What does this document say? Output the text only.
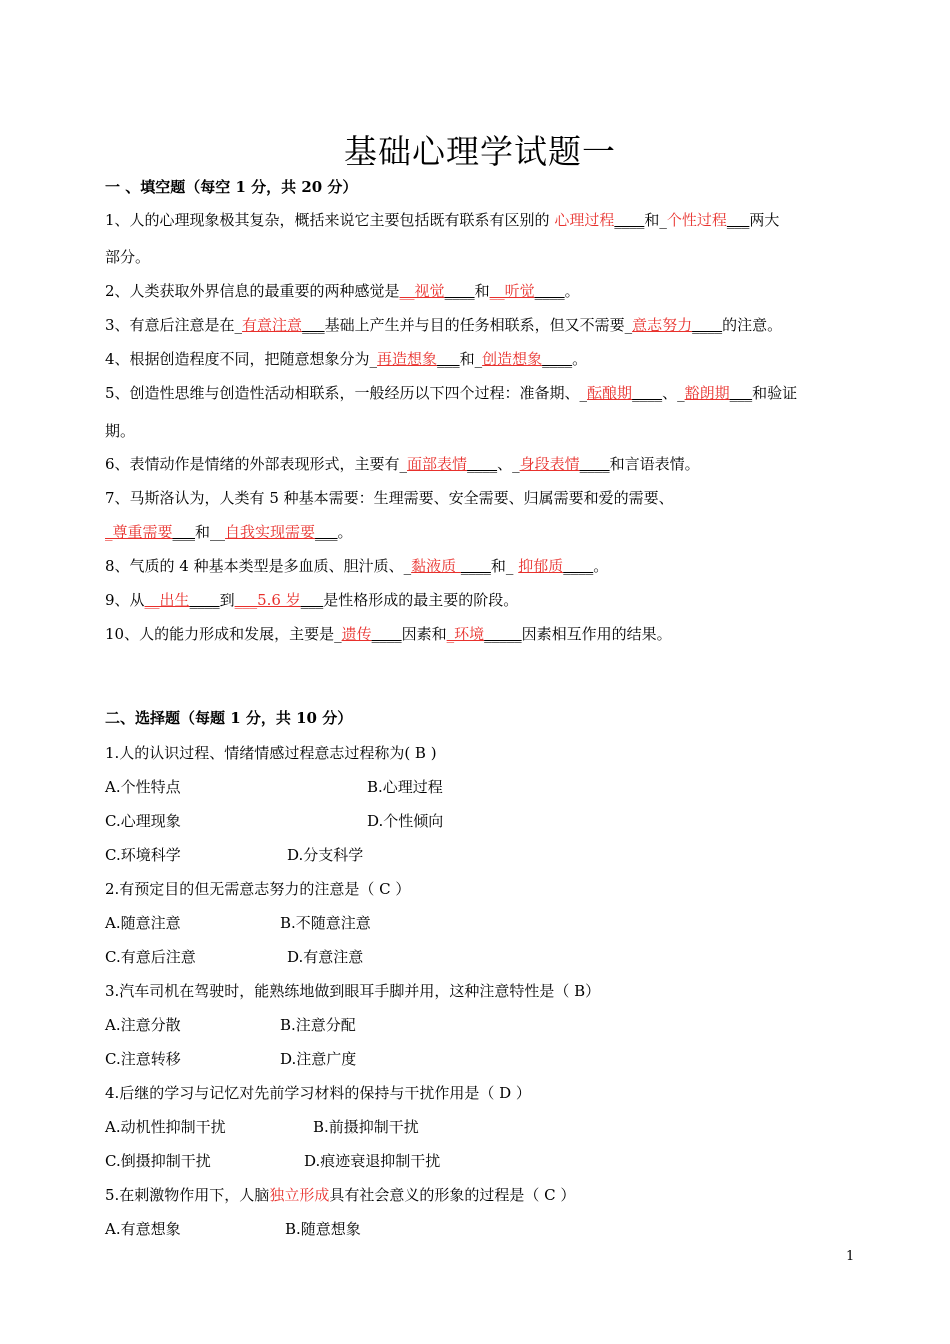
基础心理学试题一
一 、填空题（每空 1 分，共 20 分）
1、人的心理现象极其复杂，概括来说它主要包括既有联系有区别的 心理过程____和_个性过程___两大
部分。
2、人类获取外界信息的最重要的两种感觉是__视觉____和__听觉____。
3、有意后注意是在_有意注意___基础上产生并与目的任务相联系，但又不需要_意志努力____的注意。
4、根据创造程度不同，把随意想象分为_再造想象___和_创造想象____。
5、创造性思维与创造性活动相联系，一般经历以下四个过程：准备期、_酝酿期____、_豁朗期___和验证
期。
6、表情动作是情绪的外部表现形式，主要有_面部表情____、_身段表情____和言语表情。
7、马斯洛认为，人类有 5 种基本需要：生理需要、安全需要、归属需要和爱的需要、
_尊重需要___和__自我实现需要___。
8、气质的 4 种基本类型是多血质、胆汁质、_黏液质 ____和_ 抑郁质____。
9、从__出生____到___5.6 岁___是性格形成的最主要的阶段。
10、人的能力形成和发展，主要是_遗传____因素和_环境_____因素相互作用的结果。
二、选择题（每题 1 分，共 10 分）
1.人的认识过程、情绪情感过程意志过程称为( B )
A.个性特点	B.心理过程
C.心理现象	D.个性倾向
C.环境科学	D.分支科学
2.有预定目的但无需意志努力的注意是（ C ）
A.随意注意	B.不随意注意
C.有意后注意	D.有意注意
3.汽车司机在驾驶时，能熟练地做到眼耳手脚并用，这种注意特性是（ B）
A.注意分散	B.注意分配
C.注意转移	D.注意广度
4.后继的学习与记忆对先前学习材料的保持与干扰作用是（ D ）
A.动机性抑制干扰	B.前摄抑制干扰
C.倒摄抑制干扰	D.痕迹衰退抑制干扰
5.在刺激物作用下，人脑独立形成具有社会意义的形象的过程是（ C ）
A.有意想象	B.随意想象
1
